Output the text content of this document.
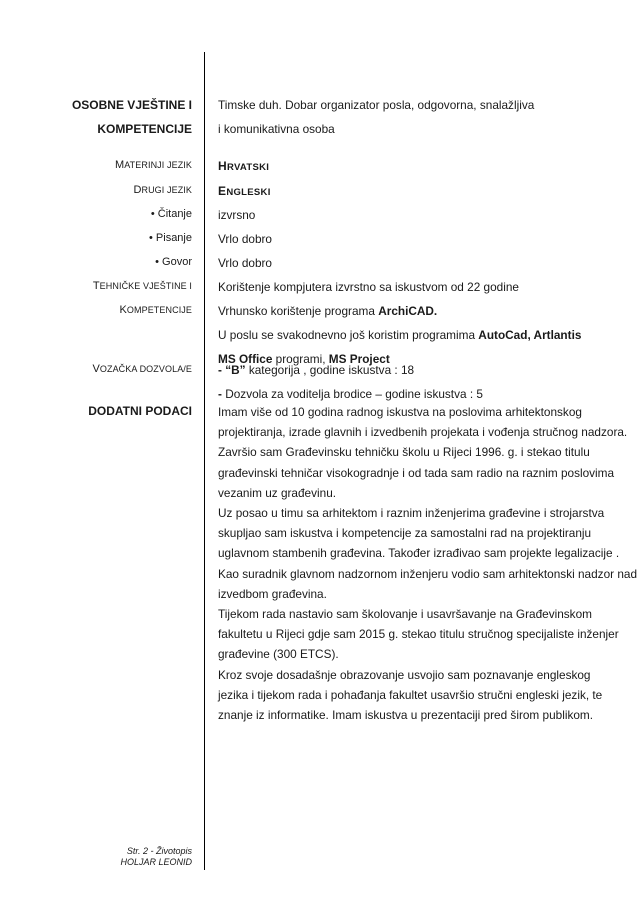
OSOBNE VJEŠTINE I
KOMPETENCIJE
Timske duh. Dobar organizator posla, odgovorna, snalažljiva
i komunikativna osoba
MATERINJI JEZIK	HRVATSKI
DRUGI JEZIK	ENGLESKI
• Čitanje izvrsno
• Pisanje Vrlo dobro
• Govor Vrlo dobro
TEHNIČKE VJEŠTINE I
KOMPETENCIJE
Korištenje kompjutera izvrstno sa iskustvom od 22 godine
Vrhunsko korištenje programa ArchiCAD.
U poslu se svakodnevno još koristim programima AutoCad, Artlantis
MS Office programi, MS Project
VOZAČKA DOZVOLA/E - “B” kategorija , godine iskustva : 18
- Dozvola za voditelja brodice – godine iskustva : 5
DODATNI PODACI Imam više od 10 godina radnog iskustva na poslovima arhitektonskog
projektiranja, izrade glavnih i izvedbenih projekata i vođenja stručnog nadzora.
Završio sam Građevinsku tehničku školu u Rijeci 1996. g. i stekao titulu
građevinski tehničar visokogradnje i od tada sam radio na raznim poslovima
vezanim uz građevinu.
Uz posao u timu sa arhitektom i raznim inženjerima građevine i strojarstva
skupljao sam iskustva i kompetencije za samostalni rad na projektiranju
uglavnom stambenih građevina. Također izrađivao sam projekte legalizacije .
Kao suradnik glavnom nadzornom inženjeru vodio sam arhitektonski nadzor nad
izvedbom građevina.
Tijekom rada nastavio sam školovanje i usavršavanje na Građevinskom
fakultetu u Rijeci gdje sam 2015 g. stekao titulu stručnog specijaliste inženjer
građevine (300 ETCS).
Kroz svoje dosadašnje obrazovanje usvojio sam poznavanje engleskog
jezika i tijekom rada i pohađanja fakultet usavršio stručni engleski jezik, te
znanje iz informatike. Imam iskustva u prezentaciji pred širom publikom.
Str. 2 - Životopis
HOLJAR LEONID
